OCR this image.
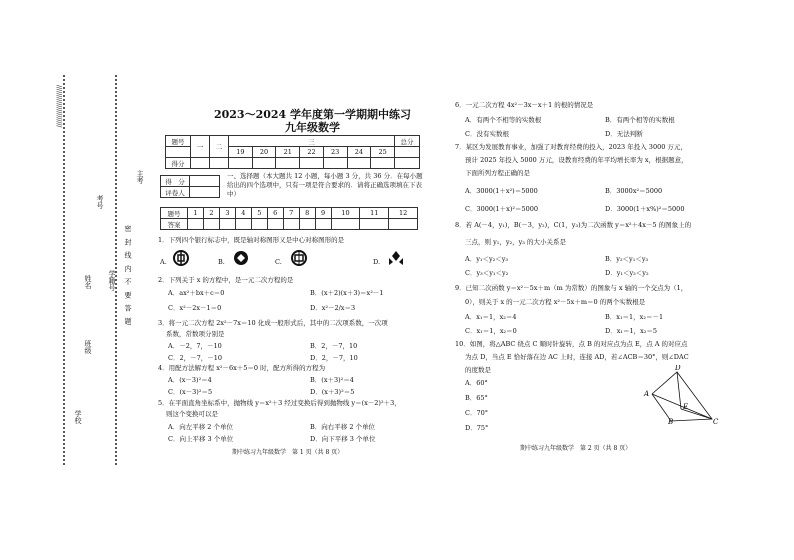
/////////////////////
学校
班级
姓名
考号
学籍号 密 封 线 内 不 要 答 题
主考
2023～2024 学年度第一学期期中练习
九年级数学
题号	一	二	三							总分
			19	20	21	22	23	24	25	
得分										
得　分	
评卷人	
一、选择题（本大题共 12 小题，每小题 3 分，共 36 分．在每小题给出的四个选项中，只有一项是符合要求的．请将正确选项填在下表中）
题号	1	2	3	4	5	6	7	8	9	10	11	12
答案												
1．下列四个银行标志中，既是轴对称图形又是中心对称图形的是
A.	B.	C.	D.
2．下列关于 x 的方程中，是一元二次方程的是
A．ax²＋bx＋c＝0	B．(x＋2)(x＋3)＝x²－1
C．x²－2x－1＝0	D．x²－2/x＝3
3．将一元二次方程 2x²－7x＝10 化成一般形式后，其中的二次项系数，一次项
系数，常数项分别是
A．－2，7，－10	B．2，－7，10
C．2，－7，－10	D．2，－7，10
4．用配方法解方程 x²－6x＋5＝0 时，配方所得的方程为
A．(x－3)²＝4	B．(x＋3)²＝4
C．(x－3)²＝5	D．(x＋3)²＝5
5．在平面直角坐标系中，抛物线 y＝x²＋3 经过变换后得到抛物线 y＝(x－2)²＋3，
则这个变换可以是
A．向左平移 2 个单位	B．向右平移 2 个单位
C．向上平移 3 个单位	D．向下平移 3 个单位
期中练习九年级数学　第 1 页（共 8 页）
6．一元二次方程 4x²－3x－x＋1 的根的情况是
A．有两个不相等的实数根	B．有两个相等的实数根
C．没有实数根	D．无法判断
7．某区为发展教育事业，加强了对教育经费的投入，2023 年投入 3000 万元，
预计 2025 年投入 5000 万元，设教育经费的年平均增长率为 x，根据题意，
下面所列方程正确的是
A．3000(1＋x²)＝5000	B．3000x²＝5000
C．3000(1＋x)²＝5000	D．3000(1＋x%)²＝5000
8．若 A(－4，y₁)，B(－3，y₂)，C(1，y₃)为二次函数 y＝x²＋4x－5 的图象上的
三点，则 y₁，y₂，y₃ 的大小关系是
A．y₁＜y₂＜y₃	B．y₂＜y₁＜y₃
C．y₃＜y₁＜y₂	D．y₁＜y₃＜y₂
9．已知二次函数 y＝x²－5x＋m（m 为常数）的图象与 x 轴的一个交点为（1，
0），则关于 x 的一元二次方程 x²－5x＋m＝0 的两个实数根是
A．x₁＝1，x₂＝4	B．x₁＝1，x₂＝－1
C．x₁＝1，x₂＝0	D．x₁＝1，x₂＝5
10．如图，将△ABC 绕点 C 顺时针旋转，点 B 的对应点为点 E，点 A 的对应点
为点 D，当点 E 恰好落在边 AC 上时，连接 AD，若∠ACB＝30°，则∠DAC
的度数是
A．60°
B．65°
C．70°
D．75°
D
A
E
B	C
期中练习九年级数学　第 2 页（共 8 页）
